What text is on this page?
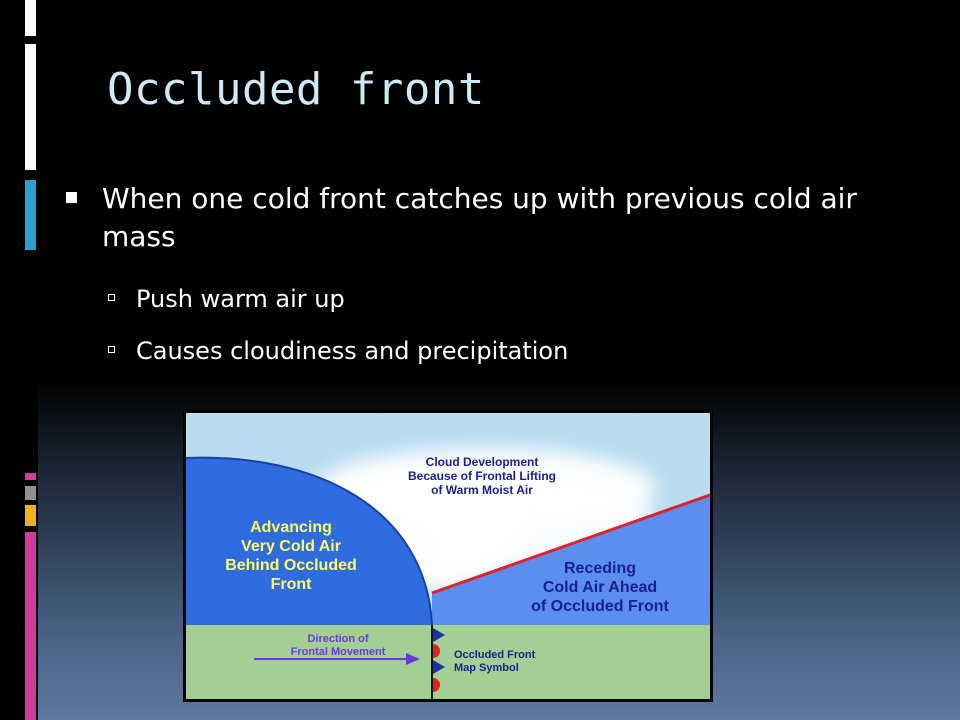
Occluded front
When one cold front catches up with previous cold air mass
Push warm air up
Causes cloudiness and precipitation
Cloud Development
Because of Frontal Lifting
of Warm Moist Air
Advancing
Very Cold Air
Behind Occluded
Front
Receding
Cold Air Ahead
of Occluded Front
Direction of
Frontal Movement	Occluded Front
Map Symbol
